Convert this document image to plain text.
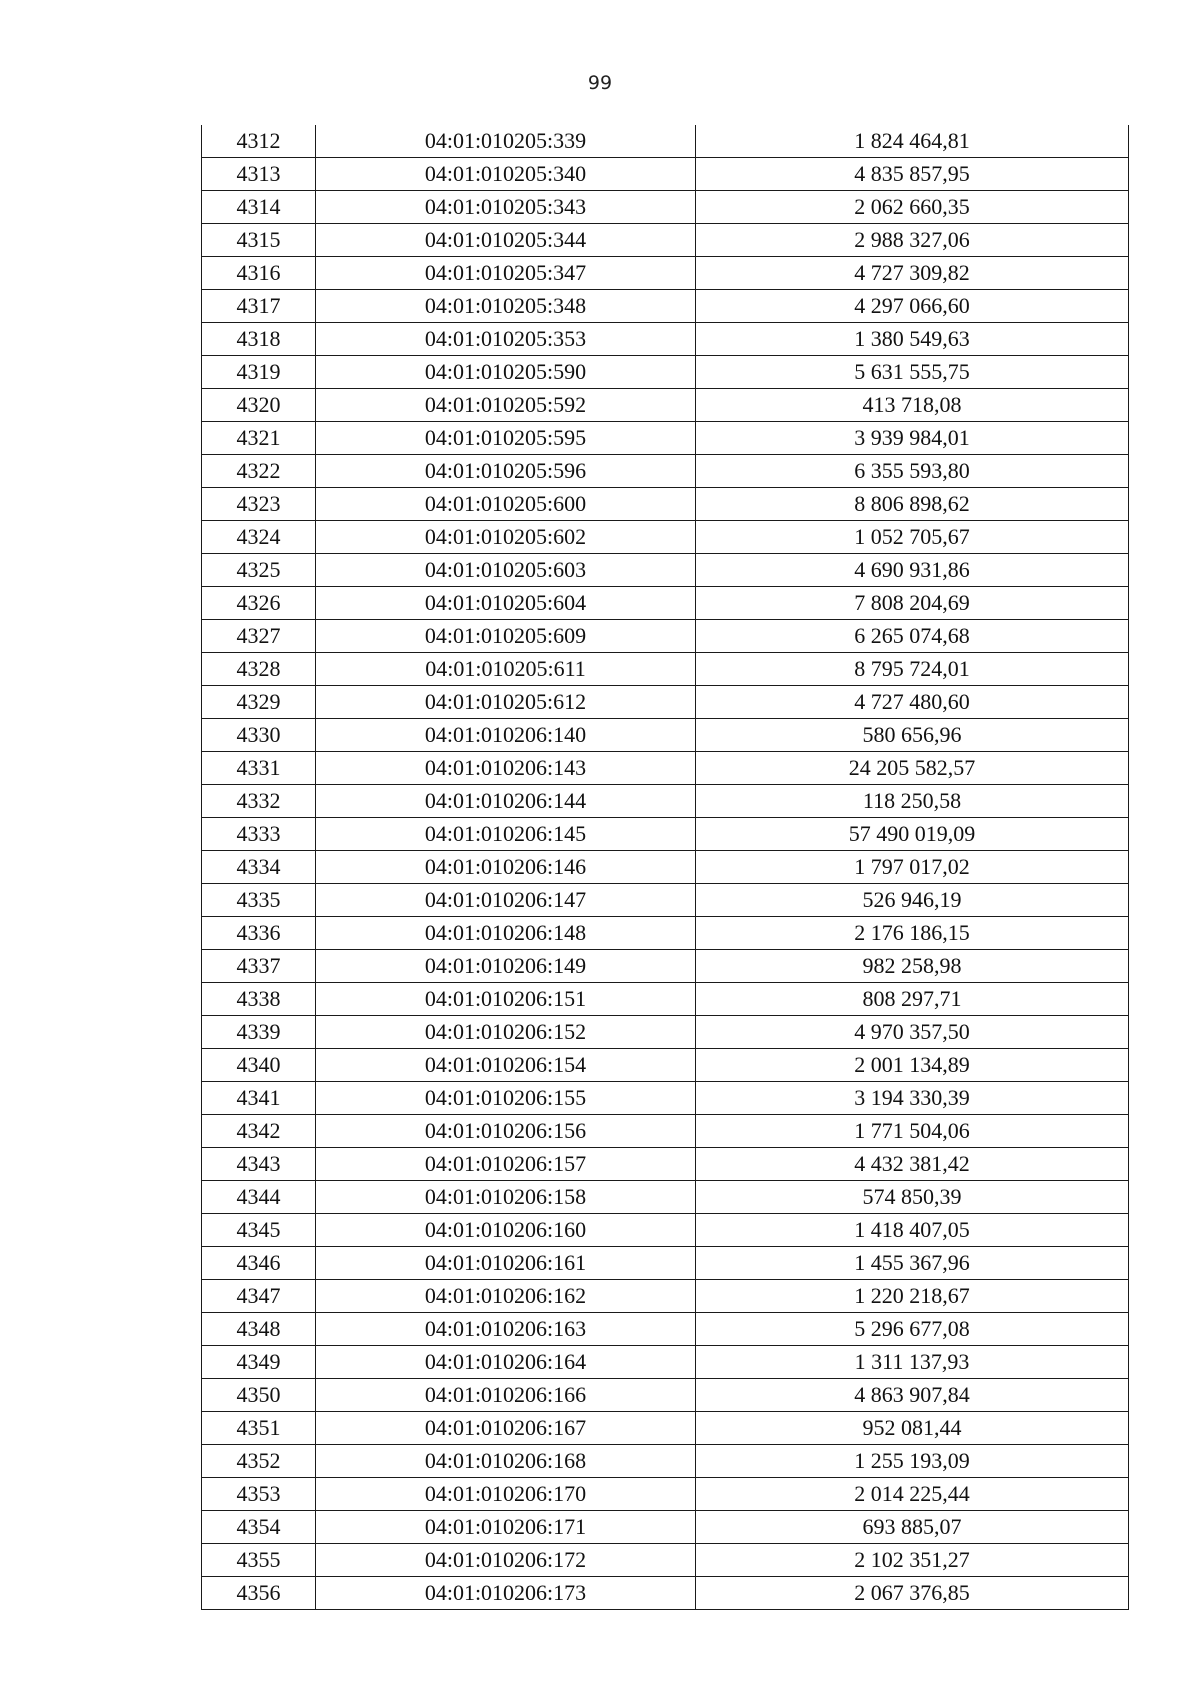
99
4312	04:01:010205:339	1 824 464,81
4313	04:01:010205:340	4 835 857,95
4314	04:01:010205:343	2 062 660,35
4315	04:01:010205:344	2 988 327,06
4316	04:01:010205:347	4 727 309,82
4317	04:01:010205:348	4 297 066,60
4318	04:01:010205:353	1 380 549,63
4319	04:01:010205:590	5 631 555,75
4320	04:01:010205:592	413 718,08
4321	04:01:010205:595	3 939 984,01
4322	04:01:010205:596	6 355 593,80
4323	04:01:010205:600	8 806 898,62
4324	04:01:010205:602	1 052 705,67
4325	04:01:010205:603	4 690 931,86
4326	04:01:010205:604	7 808 204,69
4327	04:01:010205:609	6 265 074,68
4328	04:01:010205:611	8 795 724,01
4329	04:01:010205:612	4 727 480,60
4330	04:01:010206:140	580 656,96
4331	04:01:010206:143	24 205 582,57
4332	04:01:010206:144	118 250,58
4333	04:01:010206:145	57 490 019,09
4334	04:01:010206:146	1 797 017,02
4335	04:01:010206:147	526 946,19
4336	04:01:010206:148	2 176 186,15
4337	04:01:010206:149	982 258,98
4338	04:01:010206:151	808 297,71
4339	04:01:010206:152	4 970 357,50
4340	04:01:010206:154	2 001 134,89
4341	04:01:010206:155	3 194 330,39
4342	04:01:010206:156	1 771 504,06
4343	04:01:010206:157	4 432 381,42
4344	04:01:010206:158	574 850,39
4345	04:01:010206:160	1 418 407,05
4346	04:01:010206:161	1 455 367,96
4347	04:01:010206:162	1 220 218,67
4348	04:01:010206:163	5 296 677,08
4349	04:01:010206:164	1 311 137,93
4350	04:01:010206:166	4 863 907,84
4351	04:01:010206:167	952 081,44
4352	04:01:010206:168	1 255 193,09
4353	04:01:010206:170	2 014 225,44
4354	04:01:010206:171	693 885,07
4355	04:01:010206:172	2 102 351,27
4356	04:01:010206:173	2 067 376,85
